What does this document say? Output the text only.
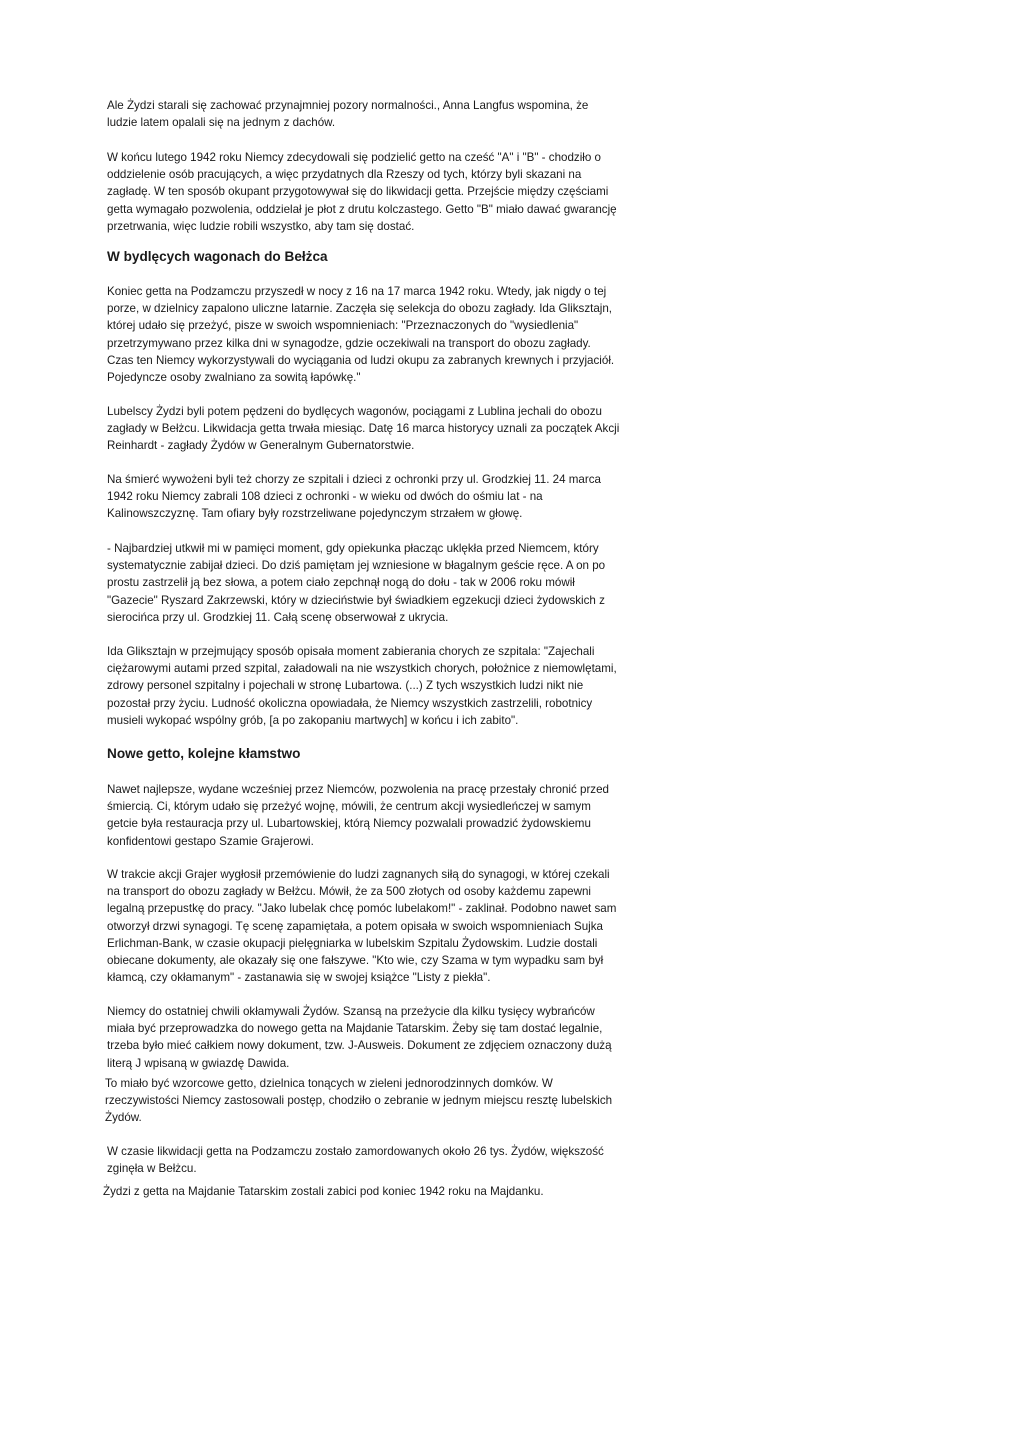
Ale Żydzi starali się zachować przynajmniej pozory normalności., Anna Langfus wspomina, że
ludzie latem opalali się na jednym z dachów.

W końcu lutego 1942 roku Niemcy zdecydowali się podzielić getto na cześć "A" i "B" - chodziło o
oddzielenie osób pracujących, a więc przydatnych dla Rzeszy od tych, którzy byli skazani na
zagładę. W ten sposób okupant przygotowywał się do likwidacji getta. Przejście między częściami
getta wymagało pozwolenia, oddzielał je płot z drutu kolczastego. Getto "B" miało dawać gwarancję
przetrwania, więc ludzie robili wszystko, aby tam się dostać.

W bydlęcych wagonach do Bełżca

Koniec getta na Podzamczu przyszedł w nocy z 16 na 17 marca 1942 roku. Wtedy, jak nigdy o tej
porze, w dzielnicy zapalono uliczne latarnie. Zaczęła się selekcja do obozu zagłady. Ida Gliksztajn,
której udało się przeżyć, pisze w swoich wspomnieniach: "Przeznaczonych do "wysiedlenia"
przetrzymywano przez kilka dni w synagodze, gdzie oczekiwali na transport do obozu zagłady.
Czas ten Niemcy wykorzystywali do wyciągania od ludzi okupu za zabranych krewnych i przyjaciół.
Pojedyncze osoby zwalniano za sowitą łapówkę."

Lubelscy Żydzi byli potem pędzeni do bydlęcych wagonów, pociągami z Lublina jechali do obozu
zagłady w Bełżcu. Likwidacja getta trwała miesiąc. Datę 16 marca historycy uznali za początek Akcji
Reinhardt - zagłady Żydów w Generalnym Gubernatorstwie.

Na śmierć wywożeni byli też chorzy ze szpitali i dzieci z ochronki przy ul. Grodzkiej 11. 24 marca
1942 roku Niemcy zabrali 108 dzieci z ochronki - w wieku od dwóch do ośmiu lat - na
Kalinowszczyznę. Tam ofiary były rozstrzeliwane pojedynczym strzałem w głowę.

- Najbardziej utkwił mi w pamięci moment, gdy opiekunka płacząc uklękła przed Niemcem, który
systematycznie zabijał dzieci. Do dziś pamiętam jej wzniesione w błagalnym geście ręce. A on po
prostu zastrzelił ją bez słowa, a potem ciało zepchnął nogą do dołu - tak w 2006 roku mówił
"Gazecie" Ryszard Zakrzewski, który w dzieciństwie był świadkiem egzekucji dzieci żydowskich z
sierocińca przy ul. Grodzkiej 11. Całą scenę obserwował z ukrycia.

Ida Gliksztajn w przejmujący sposób opisała moment zabierania chorych ze szpitala: "Zajechali
ciężarowymi autami przed szpital, załadowali na nie wszystkich chorych, położnice z niemowlętami,
zdrowy personel szpitalny i pojechali w stronę Lubartowa. (...) Z tych wszystkich ludzi nikt nie
pozostał przy życiu. Ludność okoliczna opowiadała, że Niemcy wszystkich zastrzelili, robotnicy
musieli wykopać wspólny grób, [a po zakopaniu martwych] w końcu i ich zabito".

Nowe getto, kolejne kłamstwo

Nawet najlepsze, wydane wcześniej przez Niemców, pozwolenia na pracę przestały chronić przed
śmiercią. Ci, którym udało się przeżyć wojnę, mówili, że centrum akcji wysiedleńczej w samym
getcie była restauracja przy ul. Lubartowskiej, którą Niemcy pozwalali prowadzić żydowskiemu
konfidentowi gestapo Szamie Grajerowi.

W trakcie akcji Grajer wygłosił przemówienie do ludzi zagnanych siłą do synagogi, w której czekali
na transport do obozu zagłady w Bełżcu. Mówił, że za 500 złotych od osoby każdemu zapewni
legalną przepustkę do pracy. "Jako lubelak chcę pomóc lubelakom!" - zaklinał. Podobno nawet sam
otworzył drzwi synagogi. Tę scenę zapamiętała, a potem opisała w swoich wspomnieniach Sujka
Erlichman-Bank, w czasie okupacji pielęgniarka w lubelskim Szpitalu Żydowskim. Ludzie dostali
obiecane dokumenty, ale okazały się one fałszywe. "Kto wie, czy Szama w tym wypadku sam był
kłamcą, czy okłamanym" - zastanawia się w swojej książce "Listy z piekła".

Niemcy do ostatniej chwili okłamywali Żydów. Szansą na przeżycie dla kilku tysięcy wybrańców
miała być przeprowadzka do nowego getta na Majdanie Tatarskim. Żeby się tam dostać legalnie,
trzeba było mieć całkiem nowy dokument, tzw. J-Ausweis. Dokument ze zdjęciem oznaczony dużą
literą J wpisaną w gwiazdę Dawida.

To miało być wzorcowe getto, dzielnica tonących w zieleni jednorodzinnych domków. W
rzeczywistości Niemcy zastosowali postęp, chodziło o zebranie w jednym miejscu resztę lubelskich
Żydów.

W czasie likwidacji getta na Podzamczu zostało zamordowanych około 26 tys. Żydów, większość
zginęła w Bełżcu.

Żydzi z getta na Majdanie Tatarskim zostali zabici pod koniec 1942 roku na Majdanku.
